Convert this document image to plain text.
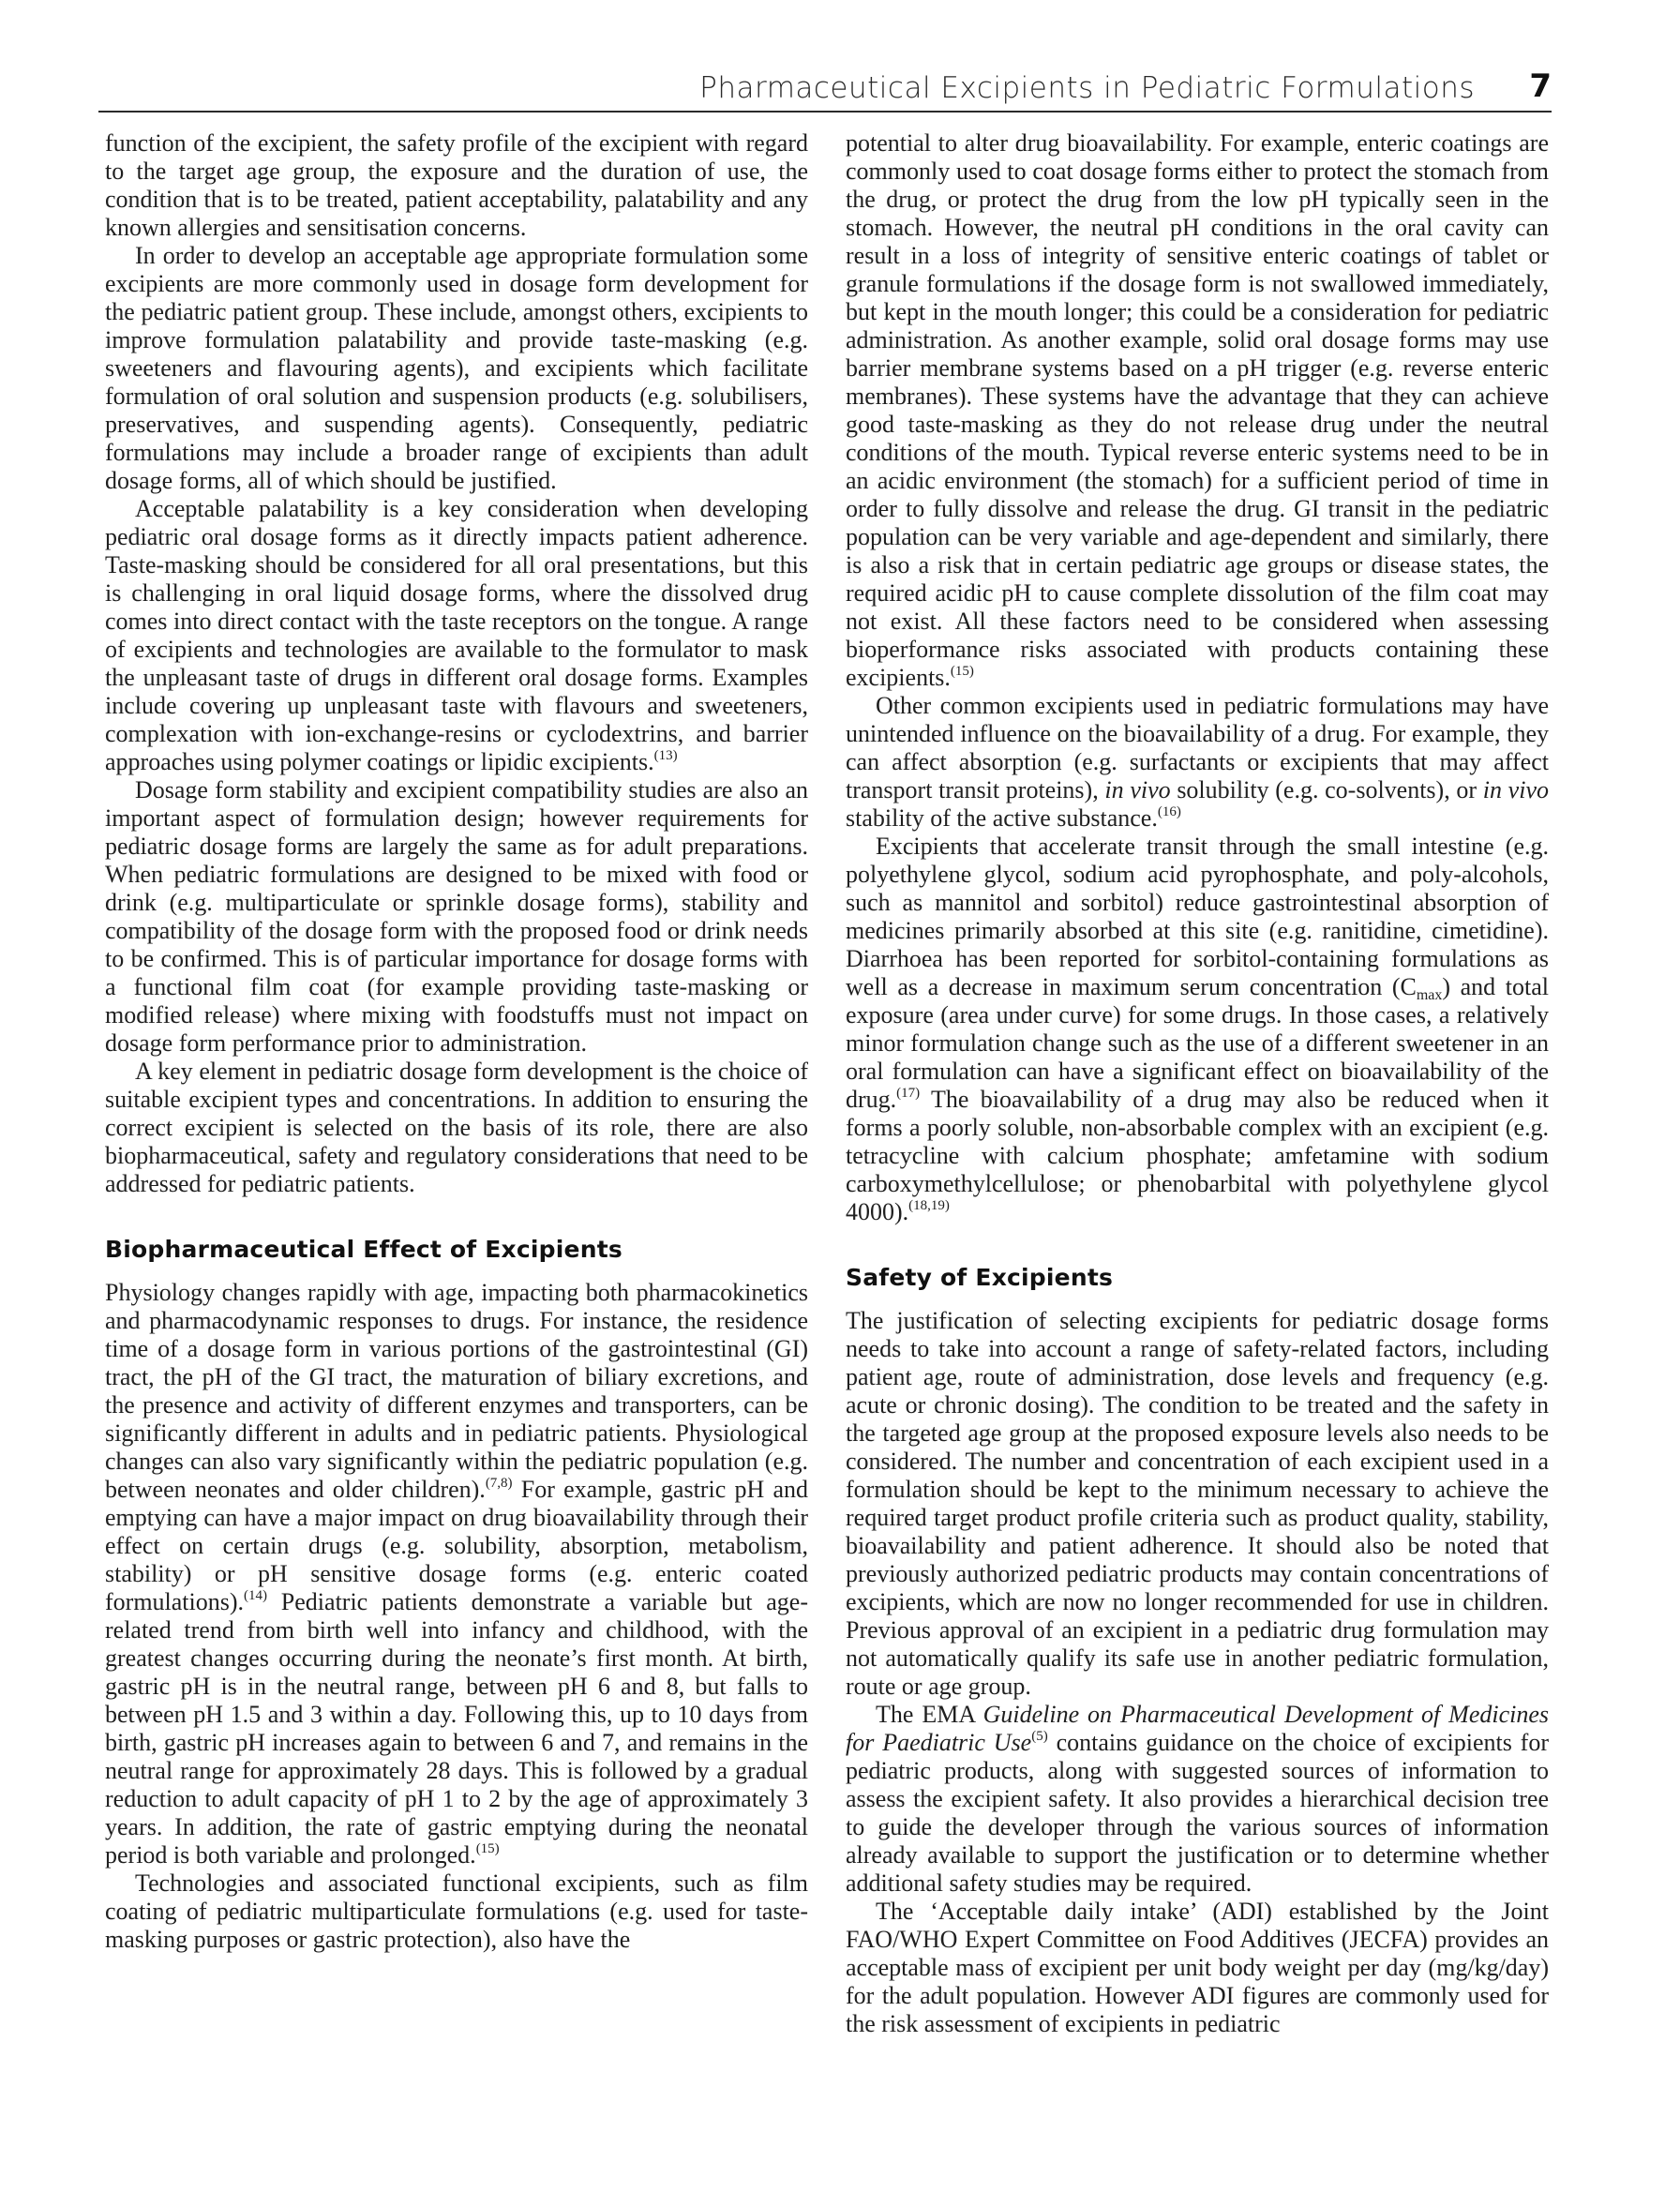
Pharmaceutical Excipients in Pediatric Formulations 7

function of the excipient, the safety profile of the excipient with regard to the target age group, the exposure and the duration of use, the condition that is to be treated, patient acceptability, palatability and any known allergies and sensitisation concerns.

In order to develop an acceptable age appropriate formulation some excipients are more commonly used in dosage form development for the pediatric patient group. These include, amongst others, excipients to improve formulation palatability and provide taste-masking (e.g. sweeteners and flavouring agents), and excipients which facilitate formulation of oral solution and suspension products (e.g. solubilisers, preservatives, and suspending agents). Consequently, pediatric formulations may include a broader range of excipients than adult dosage forms, all of which should be justified.

Acceptable palatability is a key consideration when developing pediatric oral dosage forms as it directly impacts patient adherence. Taste-masking should be considered for all oral presentations, but this is challenging in oral liquid dosage forms, where the dissolved drug comes into direct contact with the taste receptors on the tongue. A range of excipients and technologies are available to the formulator to mask the unpleasant taste of drugs in different oral dosage forms. Examples include covering up unpleasant taste with flavours and sweeteners, complexation with ion-exchange-resins or cyclodextrins, and barrier approaches using polymer coatings or lipidic excipients.$^{(13)}$

Dosage form stability and excipient compatibility studies are also an important aspect of formulation design; however requirements for pediatric dosage forms are largely the same as for adult preparations. When pediatric formulations are designed to be mixed with food or drink (e.g. multiparticulate or sprinkle dosage forms), stability and compatibility of the dosage form with the proposed food or drink needs to be confirmed. This is of particular importance for dosage forms with a functional film coat (for example providing taste-masking or modified release) where mixing with foodstuffs must not impact on dosage form performance prior to administration.

A key element in pediatric dosage form development is the choice of suitable excipient types and concentrations. In addition to ensuring the correct excipient is selected on the basis of its role, there are also biopharmaceutical, safety and regulatory considerations that need to be addressed for pediatric patients.

Biopharmaceutical Effect of Excipients

Physiology changes rapidly with age, impacting both pharmacokinetics and pharmacodynamic responses to drugs. For instance, the residence time of a dosage form in various portions of the gastrointestinal (GI) tract, the pH of the GI tract, the maturation of biliary excretions, and the presence and activity of different enzymes and transporters, can be significantly different in adults and in pediatric patients. Physiological changes can also vary significantly within the pediatric population (e.g. between neonates and older children).$^{(7,8)}$ For example, gastric pH and emptying can have a major impact on drug bioavailability through their effect on certain drugs (e.g. solubility, absorption, metabolism, stability) or pH sensitive dosage forms (e.g. enteric coated formulations).$^{(14)}$ Pediatric patients demonstrate a variable but age-related trend from birth well into infancy and childhood, with the greatest changes occurring during the neonate’s first month. At birth, gastric pH is in the neutral range, between pH 6 and 8, but falls to between pH 1.5 and 3 within a day. Following this, up to 10 days from birth, gastric pH increases again to between 6 and 7, and remains in the neutral range for approximately 28 days. This is followed by a gradual reduction to adult capacity of pH 1 to 2 by the age of approximately 3 years. In addition, the rate of gastric emptying during the neonatal period is both variable and prolonged.$^{(15)}$

Technologies and associated functional excipients, such as film coating of pediatric multiparticulate formulations (e.g. used for taste-masking purposes or gastric protection), also have the

potential to alter drug bioavailability. For example, enteric coatings are commonly used to coat dosage forms either to protect the stomach from the drug, or protect the drug from the low pH typically seen in the stomach. However, the neutral pH conditions in the oral cavity can result in a loss of integrity of sensitive enteric coatings of tablet or granule formulations if the dosage form is not swallowed immediately, but kept in the mouth longer; this could be a consideration for pediatric administration. As another example, solid oral dosage forms may use barrier membrane systems based on a pH trigger (e.g. reverse enteric membranes). These systems have the advantage that they can achieve good taste-masking as they do not release drug under the neutral conditions of the mouth. Typical reverse enteric systems need to be in an acidic environment (the stomach) for a sufficient period of time in order to fully dissolve and release the drug. GI transit in the pediatric population can be very variable and age-dependent and similarly, there is also a risk that in certain pediatric age groups or disease states, the required acidic pH to cause complete dissolution of the film coat may not exist. All these factors need to be considered when assessing bioperformance risks associated with products containing these excipients.$^{(15)}$

Other common excipients used in pediatric formulations may have unintended influence on the bioavailability of a drug. For example, they can affect absorption (e.g. surfactants or excipients that may affect transport transit proteins), in vivo solubility (e.g. co-solvents), or in vivo stability of the active substance.$^{(16)}$

Excipients that accelerate transit through the small intestine (e.g. polyethylene glycol, sodium acid pyrophosphate, and poly-alcohols, such as mannitol and sorbitol) reduce gastrointestinal absorption of medicines primarily absorbed at this site (e.g. ranitidine, cimetidine). Diarrhoea has been reported for sorbitol-containing formulations as well as a decrease in maximum serum concentration $(C_{max})$ and total exposure (area under curve) for some drugs. In those cases, a relatively minor formulation change such as the use of a different sweetener in an oral formulation can have a significant effect on bioavailability of the drug.$^{(17)}$ The bioavailability of a drug may also be reduced when it forms a poorly soluble, non-absorbable complex with an excipient (e.g. tetracycline with calcium phosphate; amfetamine with sodium carboxymethylcellulose; or phenobarbital with polyethylene glycol 4000).$^{(18,19)}$

Safety of Excipients

The justification of selecting excipients for pediatric dosage forms needs to take into account a range of safety-related factors, including patient age, route of administration, dose levels and frequency (e.g. acute or chronic dosing). The condition to be treated and the safety in the targeted age group at the proposed exposure levels also needs to be considered. The number and concentration of each excipient used in a formulation should be kept to the minimum necessary to achieve the required target product profile criteria such as product quality, stability, bioavailability and patient adherence. It should also be noted that previously authorized pediatric products may contain concentrations of excipients, which are now no longer recommended for use in children. Previous approval of an excipient in a pediatric drug formulation may not automatically qualify its safe use in another pediatric formulation, route or age group.

The EMA Guideline on Pharmaceutical Development of Medicines for Paediatric Use$^{(5)}$ contains guidance on the choice of excipients for pediatric products, along with suggested sources of information to assess the excipient safety. It also provides a hierarchical decision tree to guide the developer through the various sources of information already available to support the justification or to determine whether additional safety studies may be required.

The ‘Acceptable daily intake’ (ADI) established by the Joint FAO/WHO Expert Committee on Food Additives (JECFA) provides an acceptable mass of excipient per unit body weight per day (mg/kg/day) for the adult population. However ADI figures are commonly used for the risk assessment of excipients in pediatric
